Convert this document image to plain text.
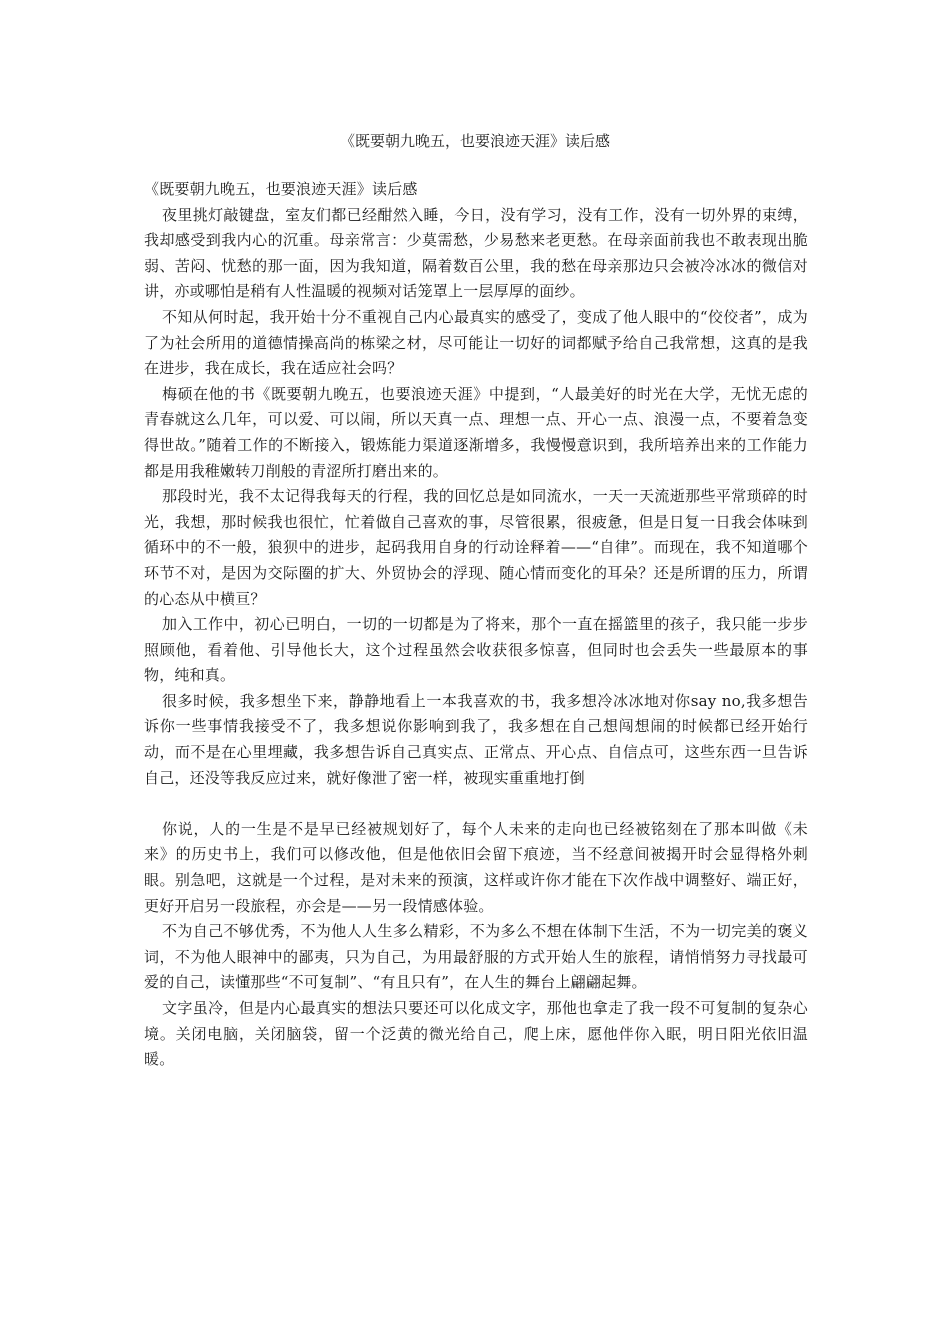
《既要朝九晚五，也要浪迹天涯》读后感

《既要朝九晚五，也要浪迹天涯》读后感

夜里挑灯敲键盘，室友们都已经酣然入睡，今日，没有学习，没有工作，没有一切外界的束缚，我却感受到我内心的沉重。母亲常言：少莫需愁，少易愁来老更愁。在母亲面前我也不敢表现出脆弱、苦闷、忧愁的那一面，因为我知道，隔着数百公里，我的愁在母亲那边只会被冷冰冰的微信对讲，亦或哪怕是稍有人性温暖的视频对话笼罩上一层厚厚的面纱。

不知从何时起，我开始十分不重视自己内心最真实的感受了，变成了他人眼中的“佼佼者”，成为了为社会所用的道德情操高尚的栋梁之材，尽可能让一切好的词都赋予给自己我常想，这真的是我在进步，我在成长，我在适应社会吗？

梅硕在他的书《既要朝九晚五，也要浪迹天涯》中提到，“人最美好的时光在大学，无忧无虑的青春就这么几年，可以爱、可以闹，所以天真一点、理想一点、开心一点、浪漫一点，不要着急变得世故。”随着工作的不断接入，锻炼能力渠道逐渐增多，我慢慢意识到，我所培养出来的工作能力都是用我稚嫩转刀削般的青涩所打磨出来的。

那段时光，我不太记得我每天的行程，我的回忆总是如同流水，一天一天流逝那些平常琐碎的时光，我想，那时候我也很忙，忙着做自己喜欢的事，尽管很累，很疲惫，但是日复一日我会体味到循环中的不一般，狼狈中的进步，起码我用自身的行动诠释着——“自律”。而现在，我不知道哪个环节不对，是因为交际圈的扩大、外贸协会的浮现、随心情而变化的耳朵？还是所谓的压力，所谓的心态从中横亘？

加入工作中，初心已明白，一切的一切都是为了将来，那个一直在摇篮里的孩子，我只能一步步照顾他，看着他、引导他长大，这个过程虽然会收获很多惊喜，但同时也会丢失一些最原本的事物，纯和真。

很多时候，我多想坐下来，静静地看上一本我喜欢的书，我多想冷冰冰地对你say no,我多想告诉你一些事情我接受不了，我多想说你影响到我了，我多想在自己想闯想闹的时候都已经开始行动，而不是在心里埋藏，我多想告诉自己真实点、正常点、开心点、自信点可，这些东西一旦告诉自己，还没等我反应过来，就好像泄了密一样，被现实重重地打倒

你说，人的一生是不是早已经被规划好了，每个人未来的走向也已经被铭刻在了那本叫做《未来》的历史书上，我们可以修改他，但是他依旧会留下痕迹，当不经意间被揭开时会显得格外刺眼。别急吧，这就是一个过程，是对未来的预演，这样或许你才能在下次作战中调整好、端正好，更好开启另一段旅程，亦会是——另一段情感体验。

不为自己不够优秀，不为他人人生多么精彩，不为多么不想在体制下生活，不为一切完美的褒义词，不为他人眼神中的鄙夷，只为自己，为用最舒服的方式开始人生的旅程，请悄悄努力寻找最可爱的自己，读懂那些“不可复制”、“有且只有”，在人生的舞台上翩翩起舞。

文字虽冷，但是内心最真实的想法只要还可以化成文字，那他也拿走了我一段不可复制的复杂心境。关闭电脑，关闭脑袋，留一个泛黄的微光给自己，爬上床，愿他伴你入眠，明日阳光依旧温暖。
